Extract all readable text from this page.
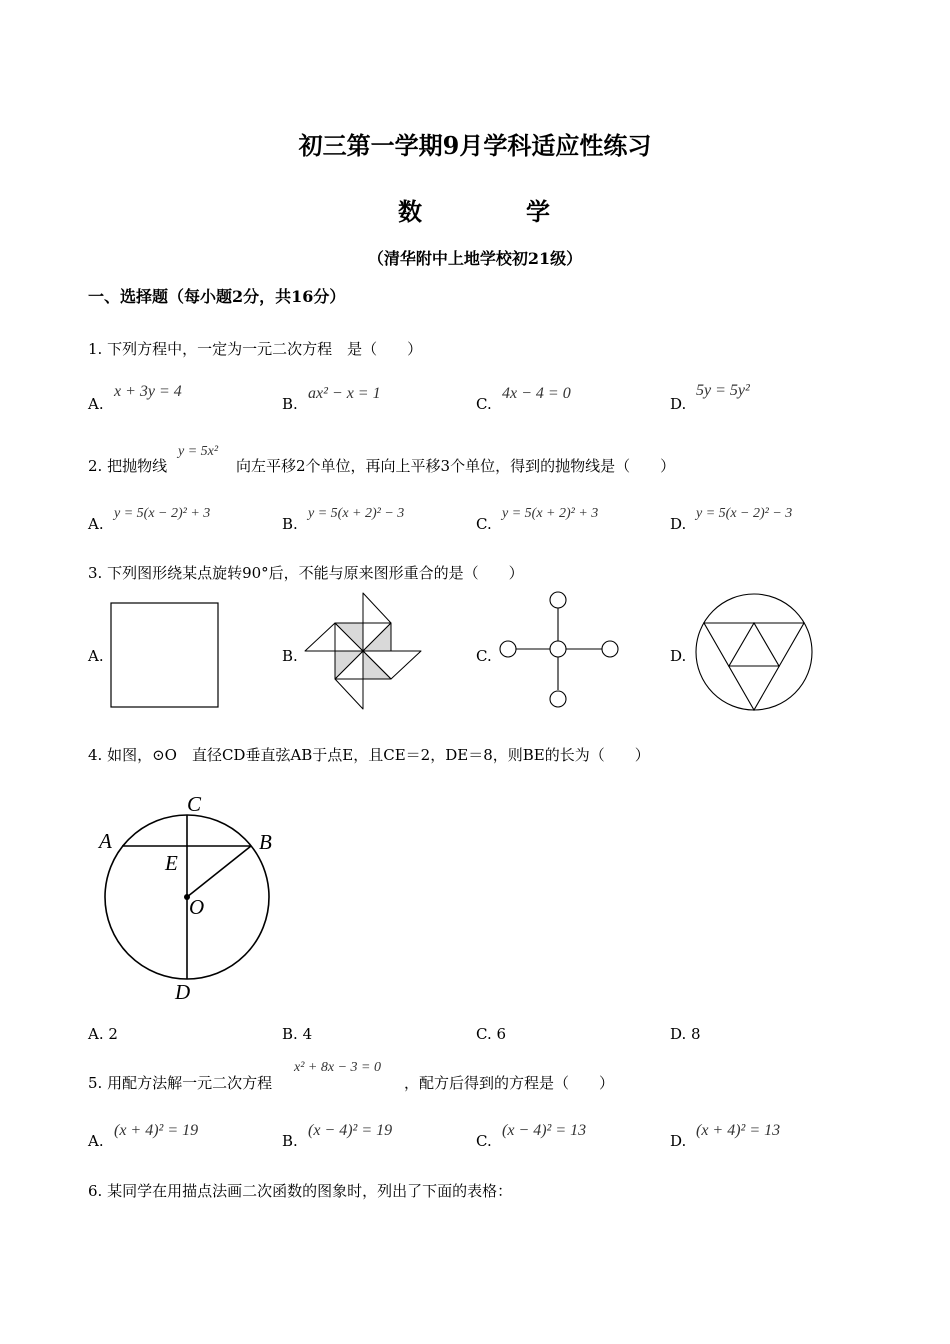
初三第一学期9月学科适应性练习
数	学
（清华附中上地学校初21级）
一、选择题（每小题2分，共16分）
1. 下列方程中，一定为一元二次方程　是（　　）
A.
x + 3y = 4
B.
ax² − x = 1
C.
4x − 4 = 0
D.
5y = 5y²
2. 把抛物线
y = 5x²
向左平移2个单位，再向上平移3个单位，得到的抛物线是（　　）
A.
y = 5(x − 2)² + 3
B.
y = 5(x + 2)² − 3
C.
y = 5(x + 2)² + 3
D.
y = 5(x − 2)² − 3
3. 下列图形绕某点旋转90°后，不能与原来图形重合的是（　　）
A.	B.	C.	D.
4. 如图，⊙O　直径CD垂直弦AB于点E，且CE＝2，DE＝8，则BE的长为（　　）
C
A	B
E
O
D
A. 2	B. 4	C. 6	D. 8
5. 用配方法解一元二次方程
x² + 8x − 3 = 0
，配方后得到的方程是（　　）
A.
(x + 4)² = 19
B.
(x − 4)² = 19
C.
(x − 4)² = 13
D.
(x + 4)² = 13
6. 某同学在用描点法画二次函数的图象时，列出了下面的表格：
